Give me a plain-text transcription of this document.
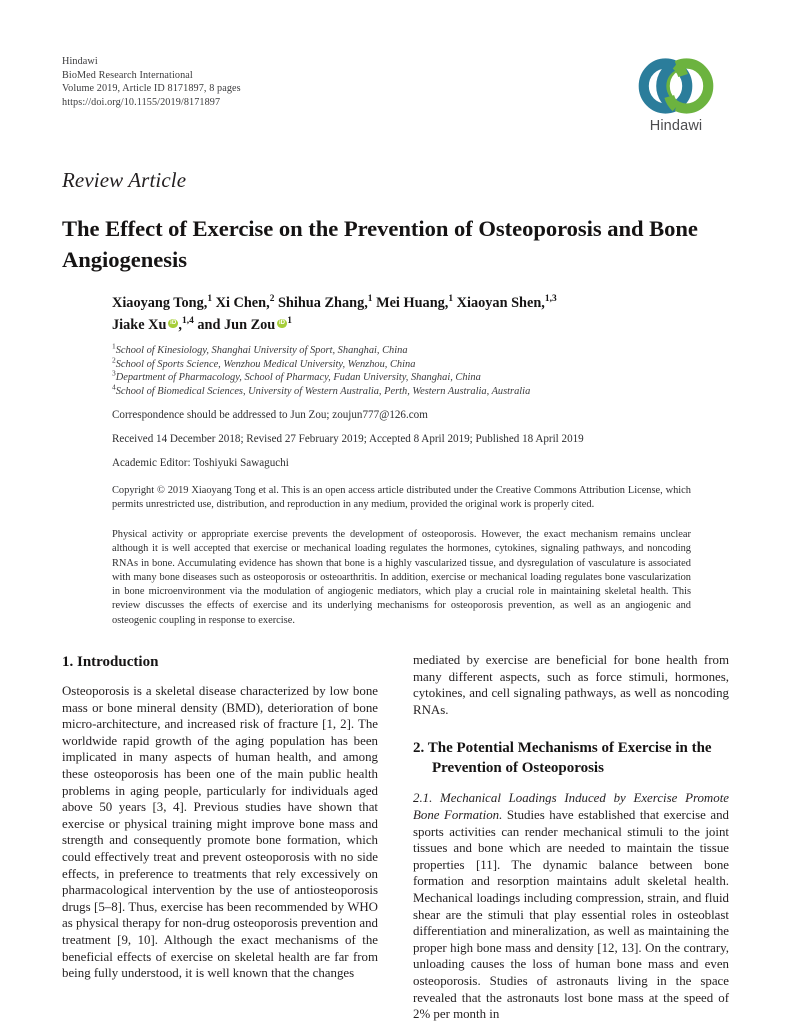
Hindawi
BioMed Research International
Volume 2019, Article ID 8171897, 8 pages
https://doi.org/10.1155/2019/8171897
Hindawi
Review Article
The Effect of Exercise on the Prevention of Osteoporosis and Bone Angiogenesis
Xiaoyang Tong,$^1$ Xi Chen,$^2$ Shihua Zhang,$^1$ Mei Huang,$^1$ Xiaoyan Shen,$^{1,3}$
Jiake Xu iD ,$^{1,4}$ and Jun Zou iD $^1$
$^1$School of Kinesiology, Shanghai University of Sport, Shanghai, China
$^2$School of Sports Science, Wenzhou Medical University, Wenzhou, China
$^3$Department of Pharmacology, School of Pharmacy, Fudan University, Shanghai, China
$^4$School of Biomedical Sciences, University of Western Australia, Perth, Western Australia, Australia
Correspondence should be addressed to Jun Zou; zoujun777@126.com
Received 14 December 2018; Revised 27 February 2019; Accepted 8 April 2019; Published 18 April 2019
Academic Editor: Toshiyuki Sawaguchi
Copyright © 2019 Xiaoyang Tong et al. This is an open access article distributed under the Creative Commons Attribution License, which permits unrestricted use, distribution, and reproduction in any medium, provided the original work is properly cited.
Physical activity or appropriate exercise prevents the development of osteoporosis. However, the exact mechanism remains unclear although it is well accepted that exercise or mechanical loading regulates the hormones, cytokines, signaling pathways, and noncoding RNAs in bone. Accumulating evidence has shown that bone is a highly vascularized tissue, and dysregulation of vasculature is associated with many bone diseases such as osteoporosis or osteoarthritis. In addition, exercise or mechanical loading regulates bone vascularization in bone microenvironment via the modulation of angiogenic mediators, which play a crucial role in maintaining skeletal health. This review discusses the effects of exercise and its underlying mechanisms for osteoporosis prevention, as well as an angiogenic and osteogenic coupling in response to exercise.
1. Introduction

Osteoporosis is a skeletal disease characterized by low bone mass or bone mineral density (BMD), deterioration of bone micro-architecture, and increased risk of fracture [1, 2]. The worldwide rapid growth of the aging population has been implicated in many aspects of human health, and among these osteoporosis has been one of the main public health problems in aging people, particularly for individuals aged above 50 years [3, 4]. Previous studies have shown that exercise or physical training might improve bone mass and strength and consequently promote bone formation, which could effectively treat and prevent osteoporosis with no side effects, in preference to treatments that rely excessively on pharmacological intervention by the use of antiosteoporosis drugs [5–8]. Thus, exercise has been recommended by WHO as physical therapy for non-drug osteoporosis prevention and treatment [9, 10]. Although the exact mechanisms of the beneficial effects of exercise on skeletal health are far from being fully understood, it is well known that the changes

mediated by exercise are beneficial for bone health from many different aspects, such as force stimuli, hormones, cytokines, and cell signaling pathways, as well as noncoding RNAs.

2. The Potential Mechanisms of Exercise in the Prevention of Osteoporosis

2.1. Mechanical Loadings Induced by Exercise Promote Bone Formation. Studies have established that exercise and sports activities can render mechanical stimuli to the joint tissues and bone which are needed to maintain the tissue properties [11]. The dynamic balance between bone formation and resorption maintains adult skeletal health. Mechanical loadings including compression, strain, and fluid shear are the stimuli that play essential roles in osteoblast differentiation and mineralization, as well as maintaining the proper high bone mass and density [12, 13]. On the contrary, unloading causes the loss of human bone mass and even osteoporosis. Studies of astronauts living in the space revealed that the astronauts lost bone mass at the speed of 2% per month in
